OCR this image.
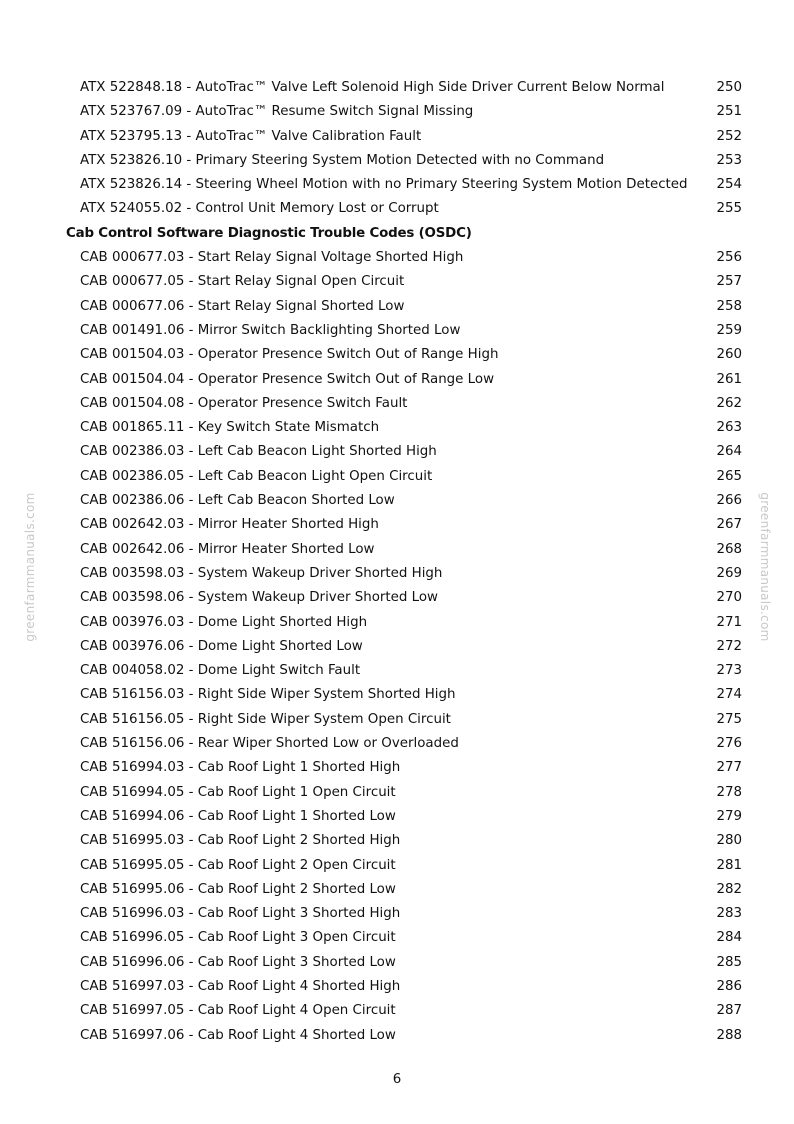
ATX 522848.18 - AutoTrac™ Valve Left Solenoid High Side Driver Current Below Normal	250
ATX 523767.09 - AutoTrac™ Resume Switch Signal Missing	251
ATX 523795.13 - AutoTrac™ Valve Calibration Fault	252
ATX 523826.10 - Primary Steering System Motion Detected with no Command	253
ATX 523826.14 - Steering Wheel Motion with no Primary Steering System Motion Detected 254
ATX 524055.02 - Control Unit Memory Lost or Corrupt	255
Cab Control Software Diagnostic Trouble Codes (OSDC)
CAB 000677.03 - Start Relay Signal Voltage Shorted High	256
CAB 000677.05 - Start Relay Signal Open Circuit	257
CAB 000677.06 - Start Relay Signal Shorted Low	258
CAB 001491.06 - Mirror Switch Backlighting Shorted Low	259
CAB 001504.03 - Operator Presence Switch Out of Range High	260
CAB 001504.04 - Operator Presence Switch Out of Range Low	261
CAB 001504.08 - Operator Presence Switch Fault	262
CAB 001865.11 - Key Switch State Mismatch	263
CAB 002386.03 - Left Cab Beacon Light Shorted High	264
CAB 002386.05 - Left Cab Beacon Light Open Circuit	265
CAB 002386.06 - Left Cab Beacon Shorted Low	266
CAB 002642.03 - Mirror Heater Shorted High	267
CAB 002642.06 - Mirror Heater Shorted Low	268
CAB 003598.03 - System Wakeup Driver Shorted High	269
CAB 003598.06 - System Wakeup Driver Shorted Low	270
CAB 003976.03 - Dome Light Shorted High	271
CAB 003976.06 - Dome Light Shorted Low	272
CAB 004058.02 - Dome Light Switch Fault	273
CAB 516156.03 - Right Side Wiper System Shorted High	274
CAB 516156.05 - Right Side Wiper System Open Circuit	275
CAB 516156.06 - Rear Wiper Shorted Low or Overloaded	276
CAB 516994.03 - Cab Roof Light 1 Shorted High	277
CAB 516994.05 - Cab Roof Light 1 Open Circuit	278
CAB 516994.06 - Cab Roof Light 1 Shorted Low	279
CAB 516995.03 - Cab Roof Light 2 Shorted High	280
CAB 516995.05 - Cab Roof Light 2 Open Circuit	281
CAB 516995.06 - Cab Roof Light 2 Shorted Low	282
CAB 516996.03 - Cab Roof Light 3 Shorted High	283
CAB 516996.05 - Cab Roof Light 3 Open Circuit	284
CAB 516996.06 - Cab Roof Light 3 Shorted Low	285
CAB 516997.03 - Cab Roof Light 4 Shorted High	286
CAB 516997.05 - Cab Roof Light 4 Open Circuit	287
CAB 516997.06 - Cab Roof Light 4 Shorted Low	288
greenfarmmanuals.com	greenfarmmanuals.com
6
